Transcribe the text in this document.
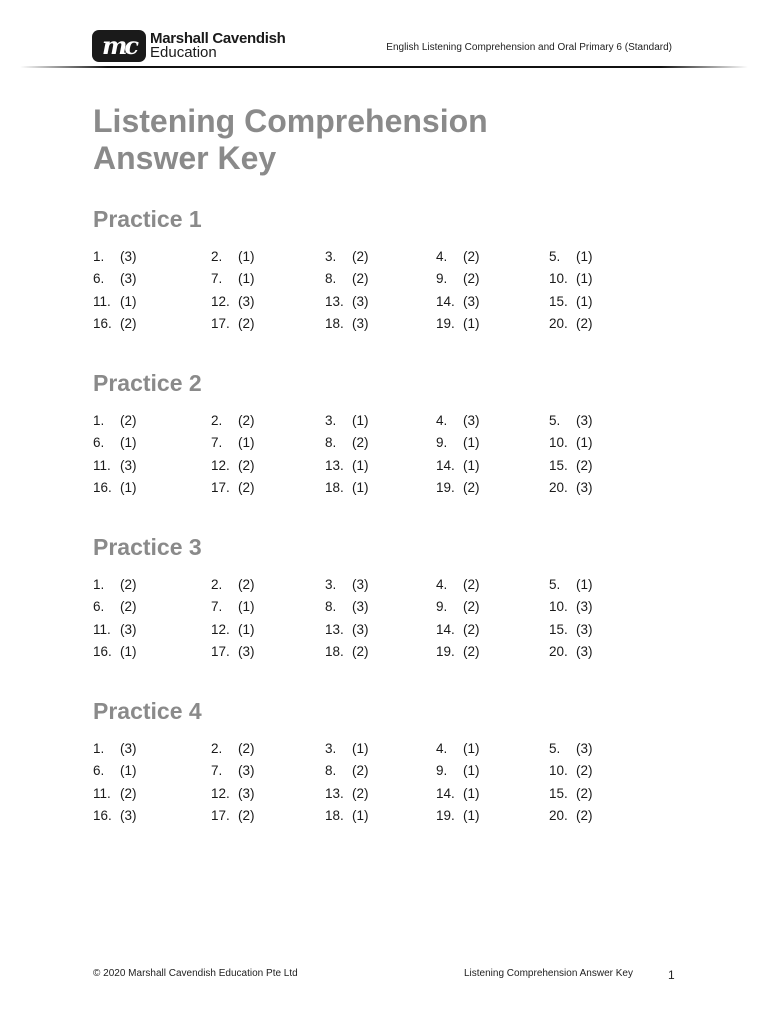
mc Marshall Cavendish
Education	English Listening Comprehension and Oral Primary 6 (Standard)
Listening Comprehension
Answer Key
Practice 1
1.	(3)	2.	(1)	3.	(2)	4.	(2)	5.	(1)
6.	(3)	7.	(1)	8.	(2)	9.	(2)	10. (1)
11. (1)	12. (3)	13. (3)	14. (3)	15. (1)
16. (2)	17. (2)	18. (3)	19. (1)	20. (2)
Practice 2
1.	(2)	2.	(2)	3.	(1)	4.	(3)	5.	(3)
6.	(1)	7.	(1)	8.	(2)	9.	(1)	10. (1)
11. (3)	12. (2)	13. (1)	14. (1)	15. (2)
16. (1)	17. (2)	18. (1)	19. (2)	20. (3)
Practice 3
1.	(2)	2.	(2)	3.	(3)	4.	(2)	5.	(1)
6.	(2)	7.	(1)	8.	(3)	9.	(2)	10. (3)
11. (3)	12. (1)	13. (3)	14. (2)	15. (3)
16. (1)	17. (3)	18. (2)	19. (2)	20. (3)
Practice 4
1.	(3)	2.	(2)	3.	(1)	4.	(1)	5.	(3)
6.	(1)	7.	(3)	8.	(2)	9.	(1)	10. (2)
11. (2)	12. (3)	13. (2)	14. (1)	15. (2)
16. (3)	17. (2)	18. (1)	19. (1)	20. (2)
© 2020 Marshall Cavendish Education Pte Ltd	Listening Comprehension Answer Key	1
